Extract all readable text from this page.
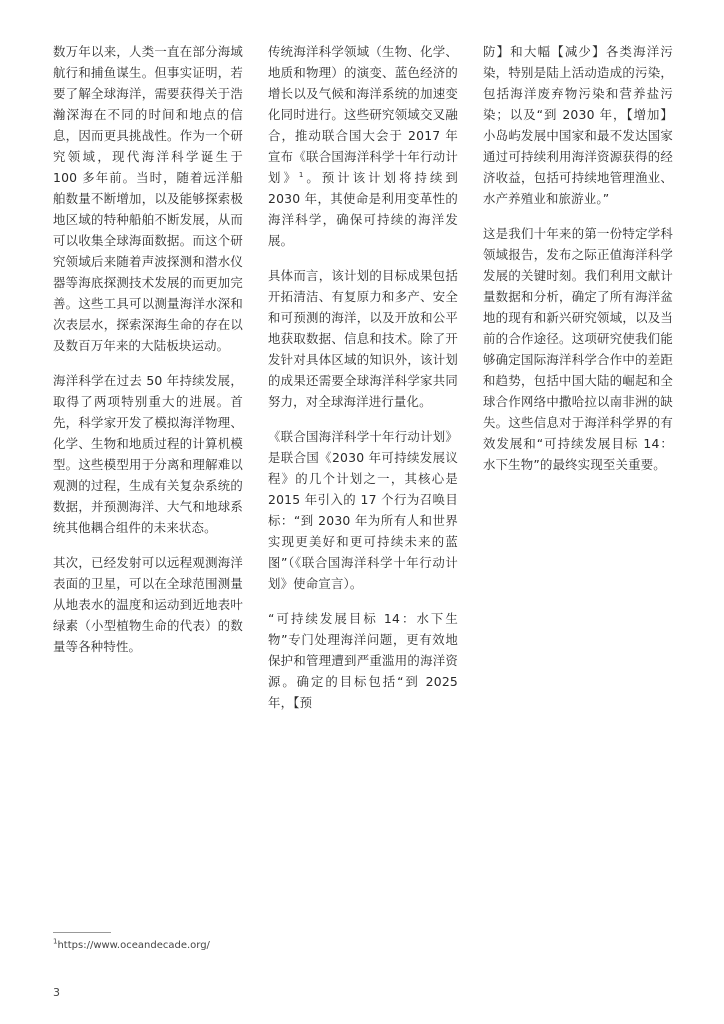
数万年以来，人类一直在部分海域航行和捕鱼谋生。但事实证明，若要了解全球海洋，需要获得关于浩瀚深海在不同的时间和地点的信息，因而更具挑战性。作为一个研究领域，现代海洋科学诞生于 100 多年前。当时，随着远洋船舶数量不断增加，以及能够探索极地区域的特种船舶不断发展，从而可以收集全球海面数据。而这个研究领域后来随着声波探测和潜水仪器等海底探测技术发展的而更加完善。这些工具可以测量海洋水深和次表层水，探索深海生命的存在以及数百万年来的大陆板块运动。

海洋科学在过去 50 年持续发展，取得了两项特别重大的进展。首先，科学家开发了模拟海洋物理、化学、生物和地质过程的计算机模型。这些模型用于分离和理解难以观测的过程，生成有关复杂系统的数据，并预测海洋、大气和地球系统其他耦合组件的未来状态。

其次，已经发射可以远程观测海洋表面的卫星，可以在全球范围测量从地表水的温度和运动到近地表叶绿素（小型植物生命的代表）的数量等各种特性。

传统海洋科学领域（生物、化学、地质和物理）的演变、蓝色经济的增长以及气候和海洋系统的加速变化同时进行。这些研究领域交叉融合，推动联合国大会于 2017 年宣布《联合国海洋科学十年行动计划》$^1$。预计该计划将持续到 2030 年，其使命是利用变革性的海洋科学，确保可持续的海洋发展。

具体而言，该计划的目标成果包括开拓清洁、有复原力和多产、安全和可预测的海洋，以及开放和公平地获取数据、信息和技术。除了开发针对具体区域的知识外，该计划的成果还需要全球海洋科学家共同努力，对全球海洋进行量化。

《联合国海洋科学十年行动计划》是联合国《2030 年可持续发展议程》的几个计划之一，其核心是 2015 年引入的 17 个行为召唤目标：“到 2030 年为所有人和世界实现更美好和更可持续未来的蓝图”（《联合国海洋科学十年行动计划》使命宣言）。

“可持续发展目标 14：水下生物”专门处理海洋问题，更有效地保护和管理遭到严重滥用的海洋资源。确定的目标包括“到 2025 年，【预

防】和大幅【减少】各类海洋污染，特别是陆上活动造成的污染，包括海洋废弃物污染和营养盐污染；以及“到 2030 年，【增加】小岛屿发展中国家和最不发达国家通过可持续利用海洋资源获得的经济收益，包括可持续地管理渔业、水产养殖业和旅游业。”

这是我们十年来的第一份特定学科领域报告，发布之际正值海洋科学发展的关键时刻。我们利用文献计量数据和分析，确定了所有海洋盆地的现有和新兴研究领域，以及当前的合作途径。这项研究使我们能够确定国际海洋科学合作中的差距和趋势，包括中国大陆的崛起和全球合作网络中撒哈拉以南非洲的缺失。这些信息对于海洋科学界的有效发展和“可持续发展目标 14：水下生物”的最终实现至关重要。

$^1$https://www.oceandecade.org/
3
